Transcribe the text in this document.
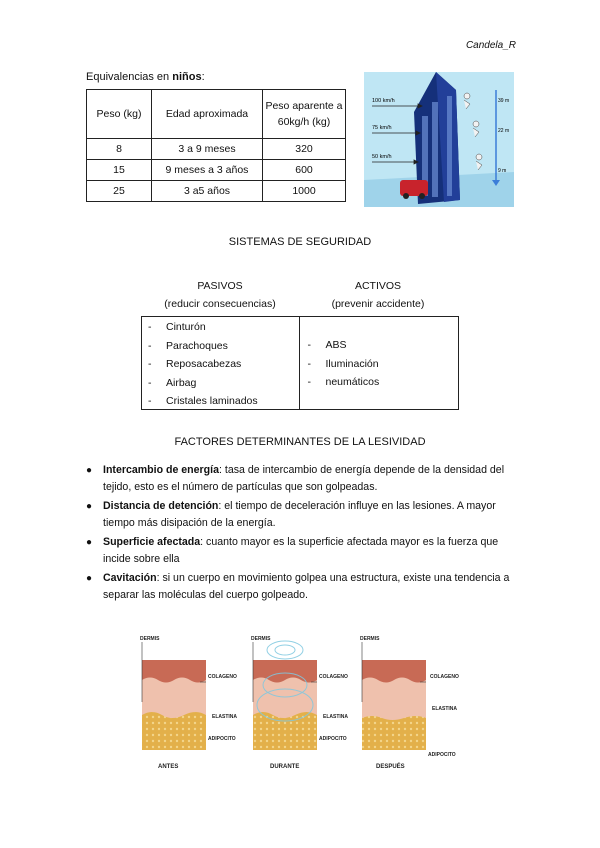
Candela_R
Equivalencias en niños:
Peso (kg)	Edad aproximada	Peso aparente a 60kg/h (kg)
8	3 a 9 meses	320
15	9 meses a 3 años	600
25	3 a5 años	1000
100 km/h
75 km/h
50 km/h
39 m
22 m
9 m
SISTEMAS DE SEGURIDAD
PASIVOS
(reducir consecuencias)
ACTIVOS
(prevenir accidente)
-	Cinturón
-	Parachoques
-	Reposacabezas
-	Airbag
-	Cristales laminados
-	ABS
-	Iluminación
-	neumáticos
FACTORES DETERMINANTES DE LA LESIVIDAD
●	Intercambio de energía: tasa de intercambio de energía depende de la densidad del tejido, esto es el número de partículas que son golpeadas.
●	Distancia de detención: el tiempo de deceleración influye en las lesiones. A mayor tiempo más disipación de la energía.
●	Superficie afectada: cuanto mayor es la superficie afectada mayor es la fuerza que incide sobre ella
●	Cavitación: si un cuerpo en movimiento golpea una estructura, existe una tendencia a separar las moléculas del cuerpo golpeado.
DERMIS	DERMIS	DERMIS
COLAGENO	COLAGENO	COLAGENO
ELASTINA	ELASTINA
ELASTINA
ADIPOCITO	ADIPOCITO
ADIPOCITO
ANTES	DURANTE	DESPUÉS
